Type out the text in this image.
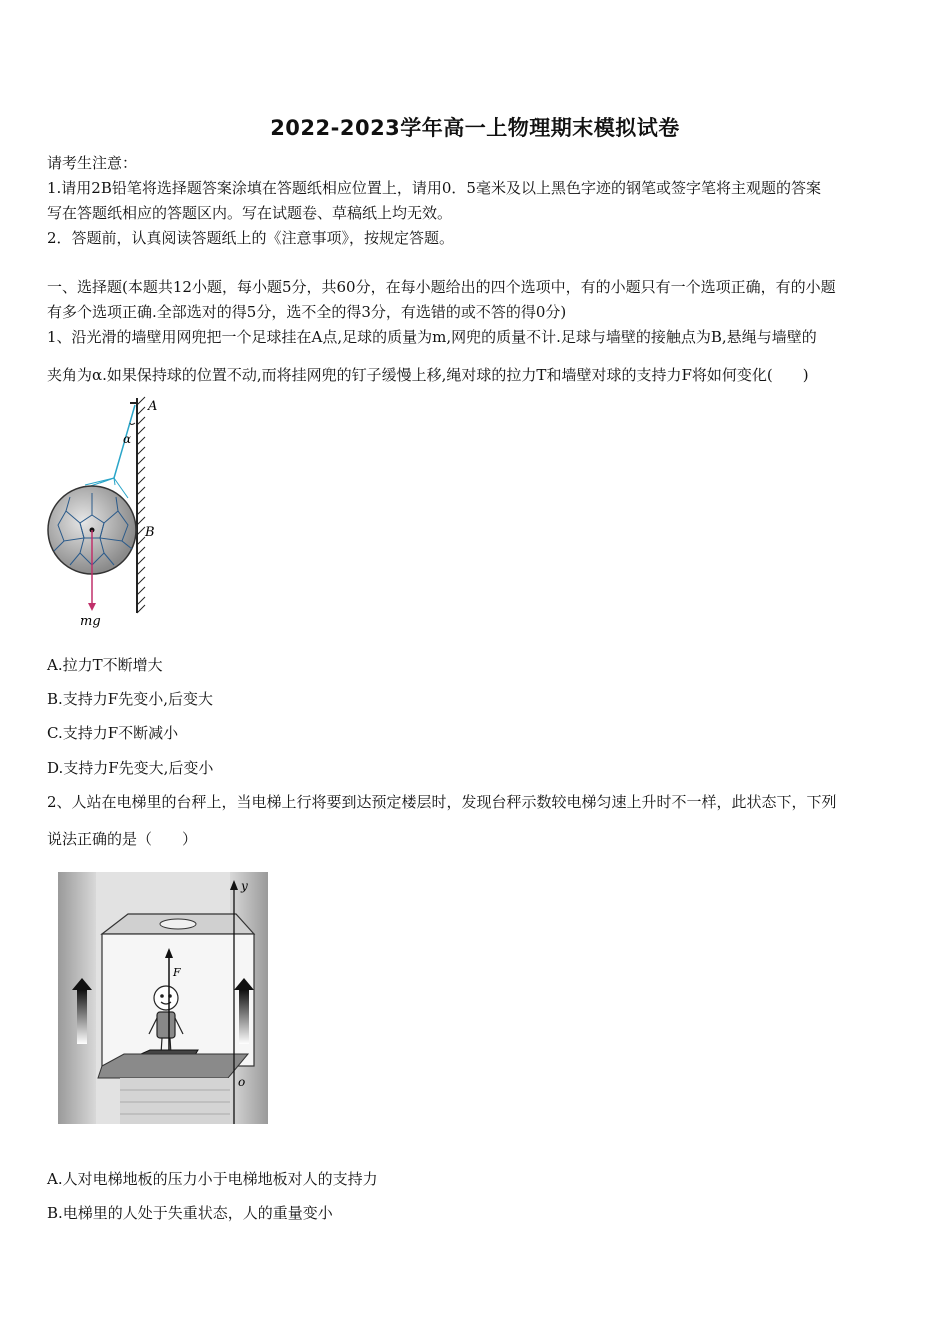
2022-2023学年高一上物理期末模拟试卷
请考生注意：
1.请用2B铅笔将选择题答案涂填在答题纸相应位置上，请用0．5毫米及以上黑色字迹的钢笔或签字笔将主观题的答案
写在答题纸相应的答题区内。写在试题卷、草稿纸上均无效。
2．答题前，认真阅读答题纸上的《注意事项》，按规定答题。
一、选择题(本题共12小题，每小题5分，共60分，在每小题给出的四个选项中，有的小题只有一个选项正确，有的小题
有多个选项正确.全部选对的得5分，选不全的得3分，有选错的或不答的得0分)
1、沿光滑的墙壁用网兜把一个足球挂在A点,足球的质量为m,网兜的质量不计.足球与墙壁的接触点为B,悬绳与墙壁的
夹角为α.如果保持球的位置不动,而将挂网兜的钉子缓慢上移,绳对球的拉力T和墙壁对球的支持力F将如何变化(　　)
A
α
B
mg
A.拉力T不断增大
B.支持力F先变小,后变大
C.支持力F不断减小
D.支持力F先变大,后变小
2、人站在电梯里的台秤上，当电梯上行将要到达预定楼层时，发现台秤示数较电梯匀速上升时不一样，此状态下，下列
说法正确的是（　　）
F
y
o
A.人对电梯地板的压力小于电梯地板对人的支持力
B.电梯里的人处于失重状态，人的重量变小
